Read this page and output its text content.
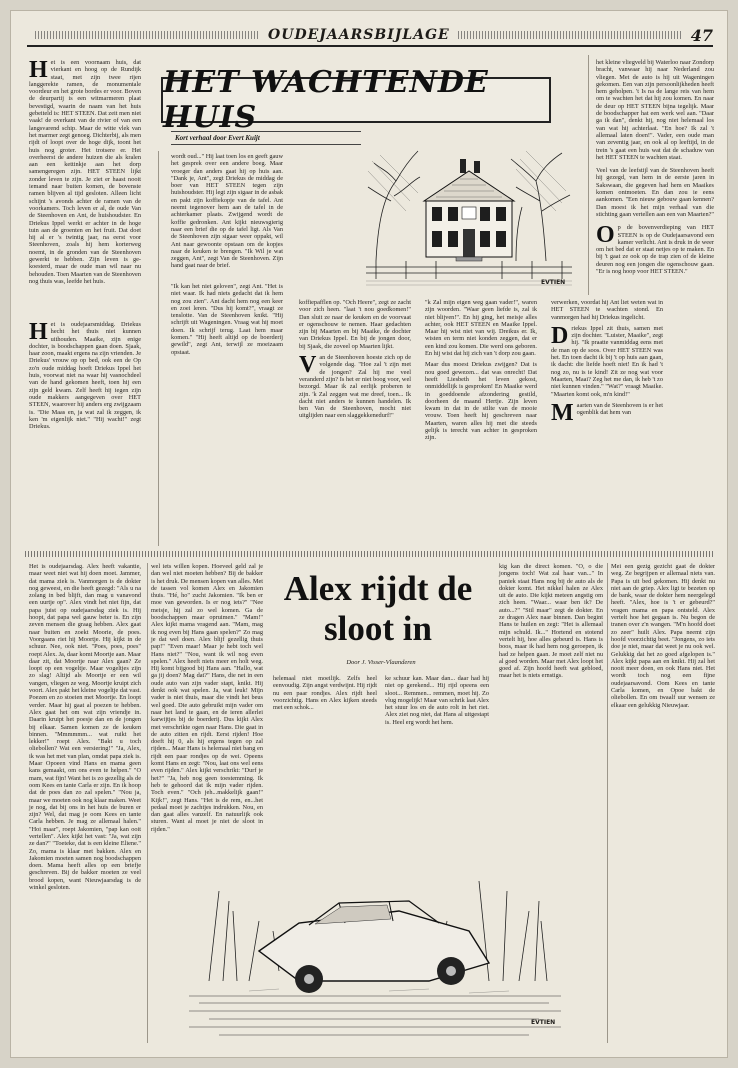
OUDEJAARSBIJLAGE	47
HET WACHTENDE HUIS
Kort verhaal door Evert Kuijt
H et is een voornaam huis, dat vierkant en hoog op de Rundijk staat, met zijn twee rijen langgerekte ramen, de monumentale voordeur en het grote bordes er voor. Boven de deurpartij is een witmarmeren plaat bevestigd, waarin de naam van het huis gebeiteld is: HET STEEN. Dat zeit men niet vaak! de overkant van de rivier of van een langsvarend schip. Maar de witte vlek van het marmer zegt genoeg. Dichterbij, als men rijdt of loopt over de hoge dijk, toont het huis nog groter. Het trotsere er. Het overheerst de andere huizen die als kralen aan een kettinkje aan het dorp samengeregen zijn. HET STEEN lijkt zonder leven te zijn. Je ziet er haast nooit iemand naar buiten komen, de bovenste ramen blijven al tijd gesloten. Alleen licht schijnt 's avonds achter de ramen van de voorkamers. Toch leven er al, de oude Van de Steenhoven en Ant, de huishoudster. En Driekus Ippel werkt er achter in de hoge tuin aan de groenten en het fruit. Dat doet hij al er 's twintig jaar, na eerst voor Steenhoven, zoals hij hem korterweg noemt, in de gronden van de Steenhoven gewerkt te hebben. Zijn leven is ge-koesterd, maar de oude man wil naar nu behouden. Toen Maarten van de Steenhoven nog thuis was, leefde het huis.
H et is oudejaarsmiddag. Driekus hecht het thuis niet kunnen uithouden. Maaike, zijn enige dochter, is boodschappen gaan doen. Sjaak, haar zoon, maakt ergens na zijn vrienden. Je Driekus' vrouw op op bed, ook een de Op zo'n oude middag hoeft Driekus Ippel het huis, voorwat niet na waar hij vasnochdeel van de hand gekomen heeft, toen hij een zijn geld kwam. Zelf heeft hij iegen zijn oude makkers aangegeven over HET STEEN, waarover hij anders erg zwijgzaam is. "Die Maas en, ja wat zal ik zeggen, ik ken 'm eigenlijk niet." "Hij wacht!" zegt Driekus.
wordt oud..." Hij laat toen los en geeft gauw het gesprek over een andere boeg. Maar vroeger dan anders gaat hij op huis aan. "Dank je, Ant", zegt Driekus de middag de boer van HET STEEN tegen zijn huishoudster. Hij legt zijn sigaar in de asbak en pakt zijn koffiekopje van de tafel. Ant neemt tegenover hem aan de tafel in de achterkamer plaats. Zwijgend wordt de koffie gedronken. Ant kijkt nieuwsgierig naar een brief die op de tafel ligt. Als Van de Steenhoven zijn sigaar weer oppakt, wil Ant naar gewoonte opstaan om de kopjes naar de keuken te brengen. "Ik Wil je wat zeggen, Ant", zegt Van de Steenhoven. Zijn hand gaat naar de brief.
"Ik kan het niet geloven", zegt Ant. "Het is niet waar. Ik had niets gedacht dat ik hem nog zou zien". Ant dacht hem nog een keer en zoei leren. "Dus hij komt?", vraagt ze tenslotte. Van de Steenhoven knikt. "Hij schrijft uit Wageningen. Vraag wat hij moet doen. Ik schrijf terug. Laat hem maar komen." "Hij heeft altijd op de boerderij gewild", zegt Ant, terwijl ze moeizaam opstaat.
EVTIEN
koffiepafflen op. "Och Heere", zegt ze zacht voor zich heen. "laat 't nou goedkomen!" Dan sluit ze naar de keuken en de voorvaat er ogenschouw te nemen. Haar gedachten zijn bij Maarten en bij Maaike, de dochter van Driekus Ippel. En bij de jongen door, bij Sjaak, die zoveel op Maarten lijkt.
V an de Steenhoven hoeste zich op de volgende dag. "Hoe zal 't zijn met de jongen? Zal hij me veel veranderd zijn? Is het er niet boog voor, wel bezorgd. Maar ik zal eerlijk proberen te zijn. 'k Zal zeggen wat me dreef, toen... Ik dacht niet anders te kunnen handelen. Ik ben Van de Steenhoven, mocht niet uitglijden naar een slaggekkenedurf!"
"k Zal mijn eigen weg gaan vader!", waren zijn woorden. "Waar geen liefde is, zal ik niet blijven!". En hij ging, het meisje alles achter, ook HET STEEN en Maaike Ippel. Maar hij wist niet van wij. Dreikus er. Ik, wisten en term niet konden zeggen, dat er een kind zou komen. Die werd ons geboren. En hij wist dat hij zich van 't dorp zou gaan.
Maar dus moest Driekus zwijgen? Dat is nou goed gewezen... dat was onrecht! Dat heeft Liesbeth het leven gekost, onmiddellijk is gesproken! En Maaike werd in goeddoende afzondering gestild, doorheen de maand Hertje. Zijn leven kwam in dat in de stilte van de mooie vrouw. Toen heeft hij geschreven naar Maarten, waren alles hij met die steeds gelijk is terecht van achter in gesproken zijn.
verwerken, voordat hij Ant liet weten wat in HET STEEN te wachten stond. En vanmorgen had hij Driekus ingelicht.
D riekus Ippel zit thuis, samen met zijn dochter. "Luister, Maaike", zegt hij. "Ik praatte vanmiddag eens met de man op de soos. Over HET STEEN was het. En toen dacht ik bij 't op huis aan gaan, ik dacht: die liefde hoeft niet! En ik had 't nog zo, nu is ie kind! Zit ze nog wat voor Maarten, Maai? Zeg het me dan, ik heb 't zo niet kunnen vinden." "Wat?" vraagt Maaike. "Maarten komt ook, m'n kind!"
M aarten van de Steenhoven is er het ogenblik dat hem van
het kleine vliegveld bij Waterloo naar Zondorp bracht, vanwaar hij naar Nederland zou vliegen. Met de auto is hij uit Wageningen gekomen. Een van zijn persoonlijkheden heeft hem geholpen. 't Is na de lange reis van hem om te wachten het dat hij zou komen. En naar de deur op HET STEEN bijna tegelijk. Maar de boodschapper hat een werk wel aan. "Daar ga ik dan", denkt hij, nog niet helemaal los van wat hij achterlaat. "En hoe? Ik zal 't allemaal laten doen!". Vader, een oude man van zeventig jaar, en ook al op leeftijd, in de trein 's gaat een huis wat dat de schaduw van het HET STEEN te wachten staat.
Veel van de leefstijl van de Steenhoven heeft hij gezegd, van hem in de eerste jaren in Sakswaan, die gegeven had hem en Maaikes komen ontmoeten. En dan zou ie eens aankomen. "Een nieuw gebouw gaan kennen? Dan moest ik het mijn verhaal van die stichting gaan vertellen aan een van Maarten?"
O p de bovenverdieping van HET STEEN is op de Oudejaarsavond een kamer verlicht. Ant is druk in de weer om het bed dat er staat netjes op te maken. En bij 't gaat ze ook op de trap zien of de kleine deuren nog een jongen die ogenschouw gaan. "Er is nog hoop voor HET STEEN."
Het is oudejaarsdag. Alex heeft vakantie, maar weet niet wat hij doen moet. Jammer, dat mama ziek is. Vanmorgen is de dokter nog geweest, en die heeft gezegd: "Als u na zolang in bed blijft, dan mag u vanavond een uurtje op". Alex vindt het niet fijn, dat papa juist op oudejaarsdag ziek is. Hij hoopt, dat papa wel gauw beter is. En zijn zeven mensen die graag hebben. Alex gaat naar buiten en zoekt Moorie, de poes. Voorgaans riet hij Moortje. Hij kijkt in de schuur. Nee, ook niet. "Poes, poes, poes" roept Alex. Ja, daar komt Moortje aan. Maar daar zit, dat Moortje naar Alex gaan? Ze loopt op een vogeltje. Maar vogeltjes zijn zo slag! Altijd als Moortje er een wil vangen, vliegen ze weg. Moortje kruipt zich voort. Alex pakt het kleine vogeltje dat vast. Poezen en zo stoeien met Moortje. En loopt verder. Maar hij gaat al poezen te hebben. Alex gaat het om wat zijn vriendje in. Daarin kruipt het poesje dan en de jongen bij elkaar. Samen komen ze de keuken binnen. "Mmmmmm... wat ruikt het lekker!" roept Alex. "Bakt u toch oliebollen? Wat een versiering!" "Ja, Alex, ik was het met van plan, omdat papa ziek is. Maar Opoeen vind Hans en mama geen kans gemaakt, om ons even te helpen." "O mam, wat fijn! Want het is zo gezellig als de oom Kees en tante Carla er zijn. En ik hoop dat de poes dan zo zal spelen." "Nou ja, maar we moeten ook nog klaar maken. Weet je nog, dat bij ons in het huis de buren er zijn? Wel, dat mag je oom Kees en tante Carla hebben. Je mag ze allemaal halen." "Hoi maar", roept Jakomien, "pap kan ooit vertellen". Alex kijkt het vast: "Ja, wat zijn ze dan?" "Toeteke, dat is een kleine Eliene." Zo, mama is klaar met bakken. Alex en Jakomien moeten samen nog boodschappen doen. Mama heeft alles op een briefje geschreven. Bij de bakker moeten ze veel brood kopen, want Nieuwjaarsdag is de winkel gesloten.
wel iets willen kopen. Hoeveel geld zal je dan wel niet moeten hebben? Bij de bakker is het druk. De mensen kopen van alles. Met de tassen vol komen Alex en Jakomien thuis. "Hé, ho" zucht Jakomien. "Ik ben er moe van geworden. Is er nog iets?" "Nee meisje, hij zal zo wel komen. Ga de boodschappen maar opruimen." "Mam!" Alex kijkt mama vragend aan. "Mam, mag ik nog even bij Hans gaan spelen?" Zo mag je dat wel doen. Alex blijf gezellig thuis pap!" "Even maar! Maar je hebt toch wel Hans niet?" "Nou, want ik wil nog even spelen." Alex heeft niets meer en holt weg. Hij komt bijgood bij Hans aan. "Hallo, wat ga jij doen? Mag dat?" Hans, die net in een oude auto van zijn vader stapt, knikt. Hij denkt ook wat spelen. Ja, wat leuk! Mijn vader is niet thuis, maar die vindt het beus wel goed. Die auto gebruikt mijn vader om naar het land te gaan, en de ieren allerlei karwijtjes bij de boerderij. Dus kijkt Alex met verschrikte ogen naar Hans. Die gaat in de auto zitten en rijdt. Eerst rijden! Hoe doeft hij 0, als hij ergens tegen op zal rijden... Maar Hans is helemaal niet bang en rijdt een paar rondjes op de wei. Opeens komt Hans en zegt: "Nou, laat ons wel eens even rijden." Alex kijkt verschrikt: "Durf je het?" "Ja, heb nog geen toestemming. Ik heb te gehoord dat ik mijn vader rijden. Toch even." "Och jeh...makkelijk gaan!" Kijk!", zegt Hans. "Het is de rem, en...het pedaal moet je zachtjes indrukken. Nou, en dan gaat alles vanzelf. En natuurlijk ook sturen. Want al moet je niet de sloot in rijden."
Alex rijdt de sloot in
Door J. Visser-Vlaanderen
helemaal niet moeilijk. Zelfs heel eenvoudig. Zijn angst verdwijnt. Hij rijdt nu een paar rondjes. Alex rijdt heel voorzichtig. Hans en Alex kijken steeds met een schok...
ke schuur kan. Maar dan... daar had hij niet op gerekend... Hij rijd opeens een sloot... Remmen... remmen, moet hij. Zo vlug mogelijk! Maar van schrik laat Alex het stuur los en de auto rolt in het riet. Alex ziet nog niet, dat Hans al uitgestapt is. Heel erg wordt het hem.
kig kan die direct komen. "O, o die jongens toch! Wat zal haar van..." In paniek staat Hans nog bij de auto als de dokter komt. Het nikkel halen ze Alex uit de auto. Die kijkt meteen angstig om zich heen. "Waar... waar ben ik? De auto...?" "Stil maar" zegt de dokter. En ze dragen Alex naar binnen. Dan begint Hans te huilen en zegt: "Het is allemaal mijn schuld. Ik..." Hortend en stotend vertelt hij, hoe alles gebeurd is. Hans is boos, maar ik had hem nog geroepen, ik had ze helpen gaan. Je moet zelf niet nu al goed worden. Maar met Alex loopt het goed af. Zijn hoofd heeft wat gebloed, maar het is niets ernstigs.
Mei een gezig gezicht gaat de dokter weg. Ze begrijpen er allemaal niets van. Papa is uit bed gekomen. Hij denkt nu niet aan de griep. Alex ligt te bezeten op de bank, waar de dokter hem neergelegd heeft. "Alex, hoe is 't er gebeurd?" vragen mama en papa ontsteld. Alex vertelt hoe het gegaan is. Nu begon de tranen over z'n wangen. "M'n hoofd doet zo zeer" huilt Alex. Papa neemt zijn hoofd voorzichtig beet. "Jongens, zo iets doe je niet, maar dat weet je nu ook wel. Gelukkig dat het zo goed afgelopen is." Alex kijkt papa aan en knikt. Hij zal het nooit meer doen, en ook Hans niet. Het wordt toch nog een fijne oudejaarsavond. Oom Kees en tante Carla komen, en Opoe bakt de oliebollen. En om twaalf uur wensen ze elkaar een gelukkig Nieuwjaar.
EVTIEN
